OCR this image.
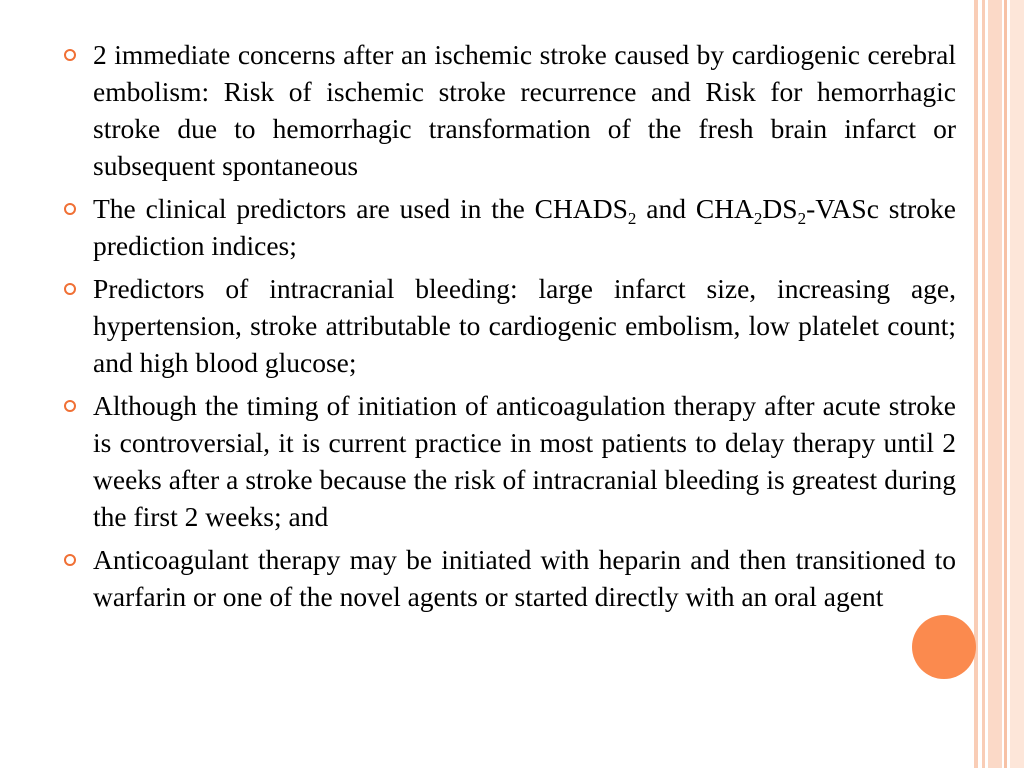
2 immediate concerns after an ischemic stroke caused by cardiogenic cerebral embolism: Risk of ischemic stroke recurrence and Risk for hemorrhagic stroke due to hemorrhagic transformation of the fresh brain infarct or subsequent spontaneous
The clinical predictors are used in the $CHADS_2$ and $CHA_2DS_2$-VASc stroke prediction indices;
Predictors of intracranial bleeding: large infarct size, increasing age, hypertension, stroke attributable to cardiogenic embolism, low platelet count; and high blood glucose;
Although the timing of initiation of anticoagulation therapy after acute stroke is controversial, it is current practice in most patients to delay therapy until 2 weeks after a stroke because the risk of intracranial bleeding is greatest during the first 2 weeks; and
Anticoagulant therapy may be initiated with heparin and then transitioned to warfarin or one of the novel agents or started directly with an oral agent
